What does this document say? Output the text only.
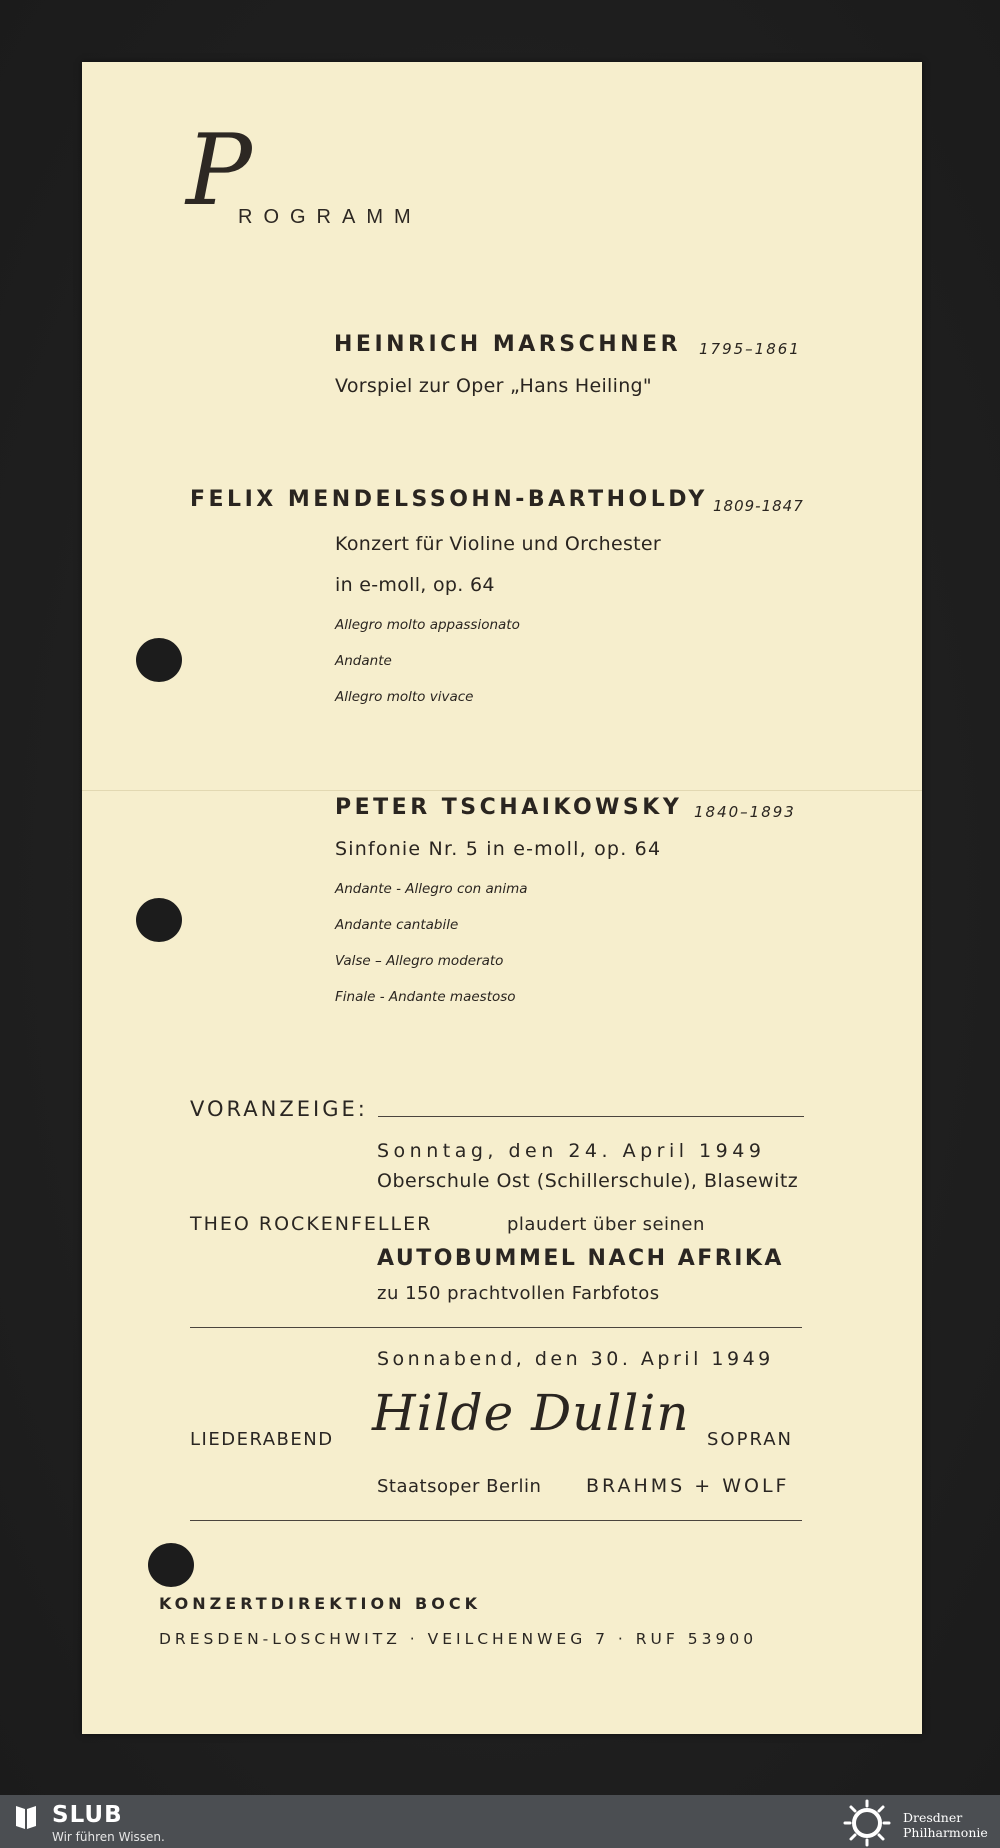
P
ROGRAMM
HEINRICH MARSCHNER 1795–1861
Vorspiel zur Oper „Hans Heiling"
FELIX MENDELSSOHN-BARTHOLDY 1809-1847
Konzert für Violine und Orchester
in e-moll, op. 64
Allegro molto appassionato
Andante
Allegro molto vivace
PETER TSCHAIKOWSKY 1840–1893
Sinfonie Nr. 5 in e-moll, op. 64
Andante - Allegro con anima
Andante cantabile
Valse – Allegro moderato
Finale - Andante maestoso
VORANZEIGE:
Sonntag, den 24. April 1949
Oberschule Ost (Schillerschule), Blasewitz
THEO ROCKENFELLER	plaudert über seinen
AUTOBUMMEL NACH AFRIKA
zu 150 prachtvollen Farbfotos
Sonnabend, den 30. April 1949
LIEDERABEND Hilde Dullin SOPRAN
Staatsoper Berlin BRAHMS + WOLF
KONZERTDIREKTION BOCK
DRESDEN-LOSCHWITZ · VEILCHENWEG 7 · RUF 53900
SLUB
Wir führen Wissen.
Dresdner
Philharmonie
